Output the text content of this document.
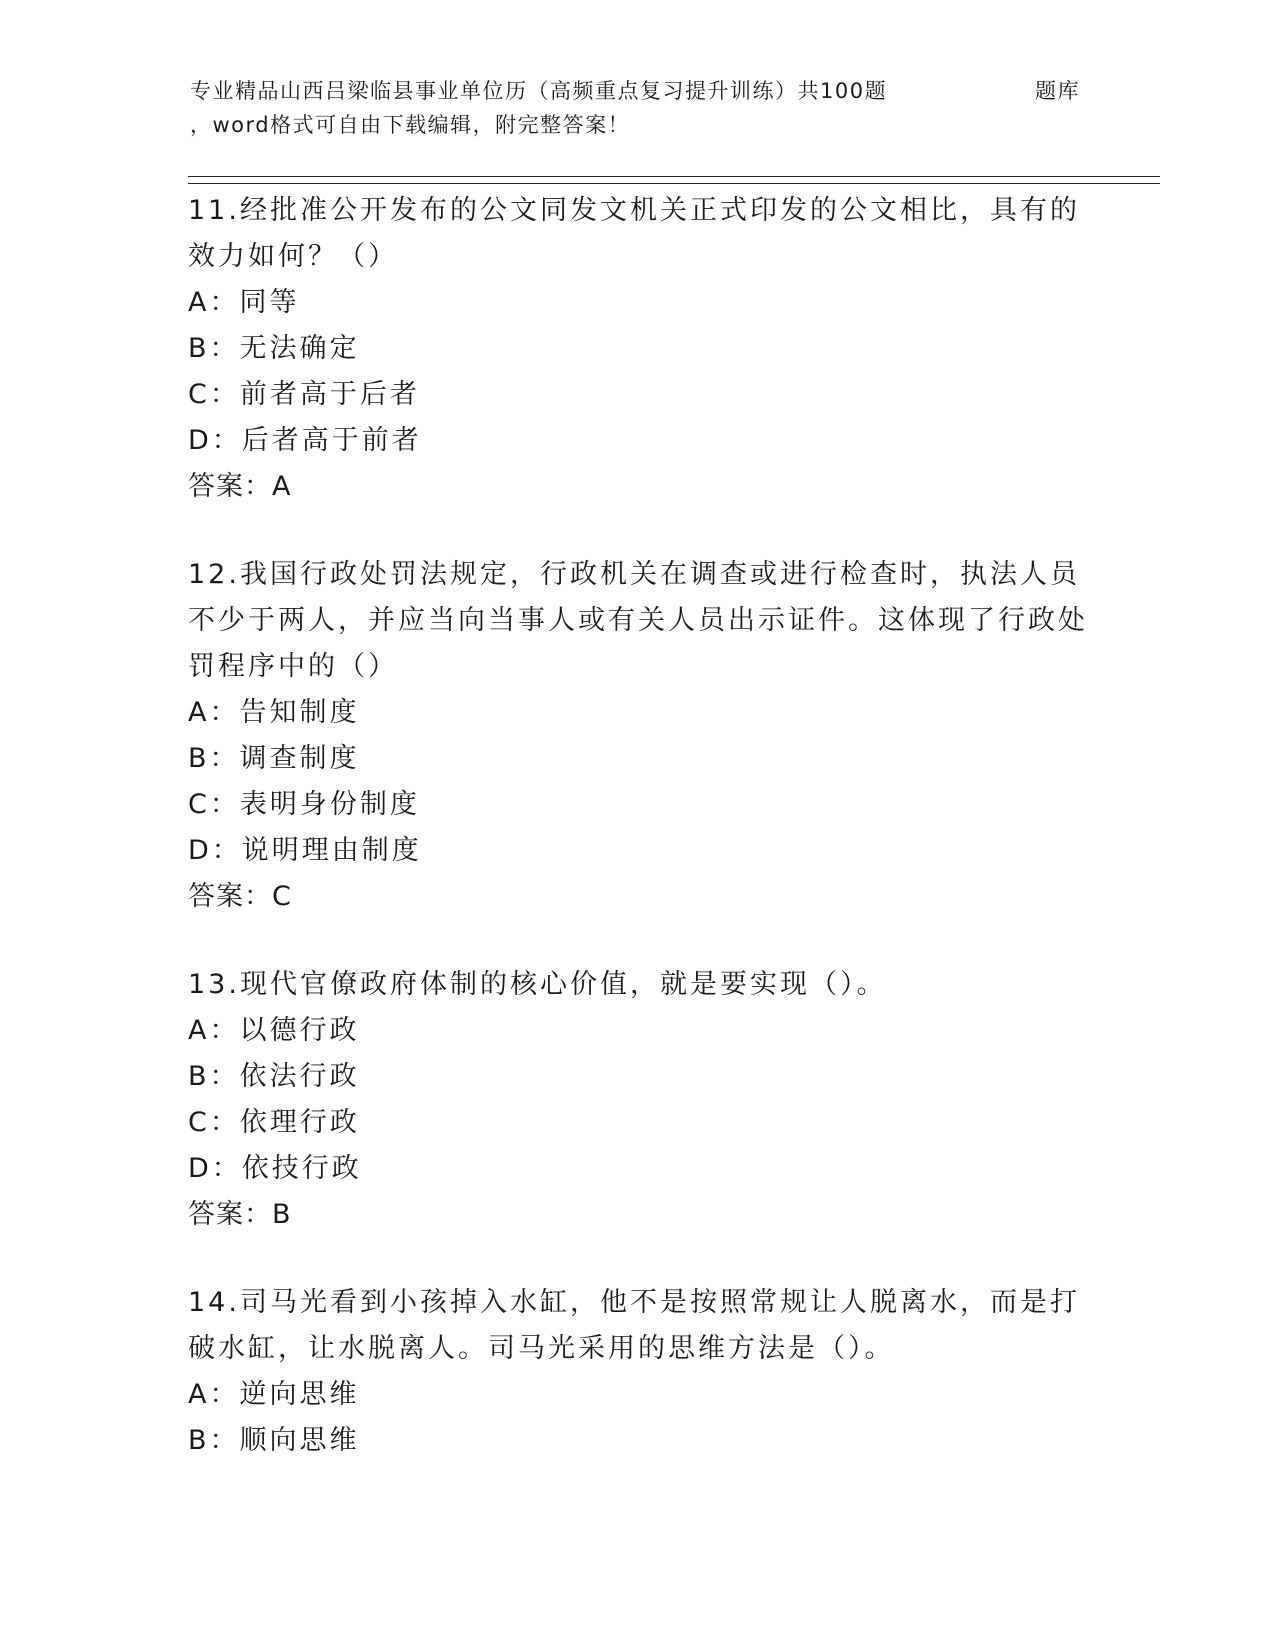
专业精品山西吕梁临县事业单位历（高频重点复习提升训练）共100题	题库
，word格式可自由下载编辑，附完整答案！
11.经批准公开发布的公文同发文机关正式印发的公文相比，具有的效力如何？（）
A：同等
B：无法确定
C：前者高于后者
D：后者高于前者
答案：A
12.我国行政处罚法规定，行政机关在调查或进行检查时，执法人员不少于两人，并应当向当事人或有关人员出示证件。这体现了行政处罚程序中的（）
A：告知制度
B：调查制度
C：表明身份制度
D：说明理由制度
答案：C
13.现代官僚政府体制的核心价值，就是要实现（）。
A：以德行政
B：依法行政
C：依理行政
D：依技行政
答案：B
14.司马光看到小孩掉入水缸，他不是按照常规让人脱离水，而是打破水缸，让水脱离人。司马光采用的思维方法是（）。
A：逆向思维
B：顺向思维
